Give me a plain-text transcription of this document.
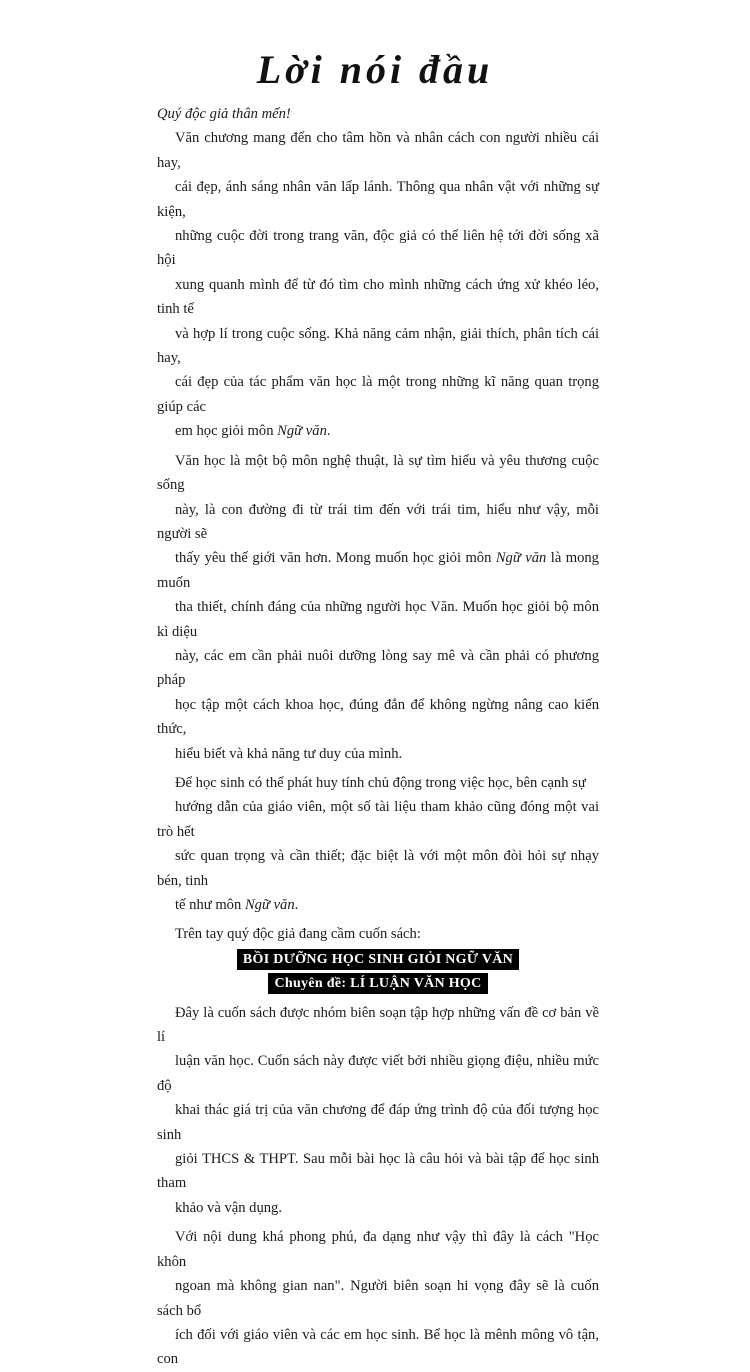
Lời nói đầu

Quý độc giả thân mến!

Văn chương mang đến cho tâm hồn và nhân cách con người nhiều cái hay,
cái đẹp, ánh sáng nhân văn lấp lánh. Thông qua nhân vật với những sự kiện,
những cuộc đời trong trang văn, độc giả có thể liên hệ tới đời sống xã hội
xung quanh mình để từ đó tìm cho mình những cách ứng xử khéo léo, tinh tế
và hợp lí trong cuộc sống. Khả năng cảm nhận, giải thích, phân tích cái hay,
cái đẹp của tác phẩm văn học là một trong những kĩ năng quan trọng giúp các
em học giỏi môn Ngữ văn.

Văn học là một bộ môn nghệ thuật, là sự tìm hiểu và yêu thương cuộc sống
này, là con đường đi từ trái tim đến với trái tim, hiểu như vậy, mỗi người sẽ
thấy yêu thế giới văn hơn. Mong muốn học giỏi môn Ngữ văn là mong muốn
tha thiết, chính đáng của những người học Văn. Muốn học giỏi bộ môn kì diệu
này, các em cần phải nuôi dưỡng lòng say mê và cần phải có phương pháp
học tập một cách khoa học, đúng đắn để không ngừng nâng cao kiến thức,
hiểu biết và khả năng tư duy của mình.

Để học sinh có thể phát huy tính chủ động trong việc học, bên cạnh sự
hướng dẫn của giáo viên, một số tài liệu tham khảo cũng đóng một vai trò hết
sức quan trọng và cần thiết; đặc biệt là với một môn đòi hỏi sự nhạy bén, tinh
tế như môn Ngữ văn.

Trên tay quý độc giả đang cầm cuốn sách:

BỒI DƯỠNG HỌC SINH GIỎI NGỮ VĂN
Chuyên đề: LÍ LUẬN VĂN HỌC

Đây là cuốn sách được nhóm biên soạn tập hợp những vấn đề cơ bản về lí
luận văn học. Cuốn sách này được viết bởi nhiều giọng điệu, nhiều mức độ
khai thác giá trị của văn chương để đáp ứng trình độ của đối tượng học sinh
giỏi THCS & THPT. Sau mỗi bài học là câu hỏi và bài tập để học sinh tham
khảo và vận dụng.

Với nội dung khá phong phú, đa dạng như vậy thì đây là cách "Học khôn
ngoan mà không gian nan". Người biên soạn hi vọng đây sẽ là cuốn sách bổ
ích đối với giáo viên và các em học sinh. Bể học là mênh mông vô tận, con
